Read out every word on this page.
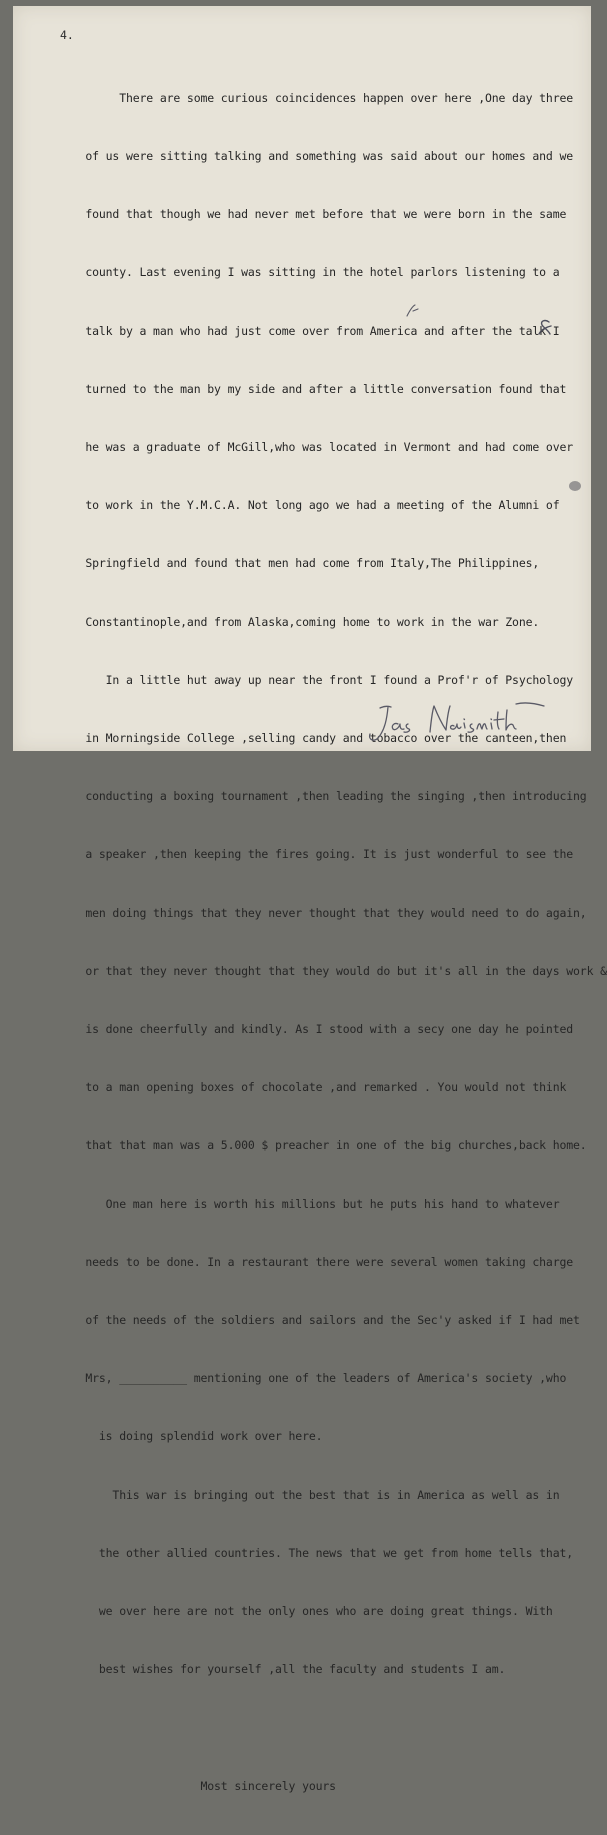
4.

There are some curious coincidences happen over here ,One day three

of us were sitting talking and something was said about our homes and we

found that though we had never met before that we were born in the same

county. Last evening I was sitting in the hotel parlors listening to a

talk by a man who had just come over from America and after the talk I

turned to the man by my side and after a little conversation found that

he was a graduate of McGill,who was located in Vermont and had come over

to work in the Y.M.C.A. Not long ago we had a meeting of the Alumni of

Springfield and found that men had come from Italy,The Philippines,

Constantinople,and from Alaska,coming home to work in the war Zone.

In a little hut away up near the front I found a Prof'r of Psychology

in Morningside College ,selling candy and tobacco over the canteen,then

conducting a boxing tournament ,then leading the singing ,then introducing

a speaker ,then keeping the fires going. It is just wonderful to see the

men doing things that they never thought that they would need to do again,

or that they never thought that they would do but it's all in the days work &

is done cheerfully and kindly. As I stood with a secy one day he pointed

to a man opening boxes of chocolate ,and remarked . You would not think

that that man was a 5.000 $ preacher in one of the big churches,back home.

One man here is worth his millions but he puts his hand to whatever

needs to be done. In a restaurant there were several women taking charge

of the needs of the soldiers and sailors and the Sec'y asked if I had met

Mrs, __________ mentioning one of the leaders of America's society ,who

is doing splendid work over here.

This war is bringing out the best that is in America as well as in

the other allied countries. The news that we get from home tells that,

we over here are not the only ones who are doing great things. With

best wishes for yourself ,all the faculty and students I am.

Most sincerely yours
